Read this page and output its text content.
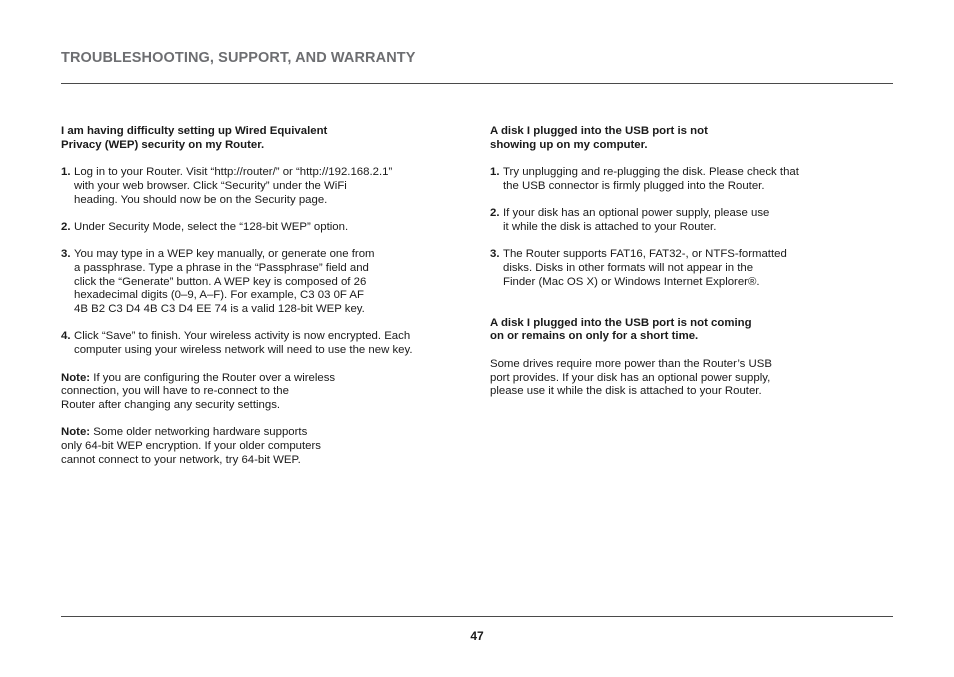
TROUBLESHOOTING, SUPPORT, AND WARRANTY
I am having difficulty setting up Wired Equivalent
Privacy (WEP) security on my Router.
1. Log in to your Router. Visit “http://router/” or “http://192.168.2.1”
with your web browser. Click “Security” under the WiFi
heading. You should now be on the Security page.
2. Under Security Mode, select the “128-bit WEP” option.
3. You may type in a WEP key manually, or generate one from
a passphrase. Type a phrase in the “Passphrase” field and
click the “Generate” button. A WEP key is composed of 26
hexadecimal digits (0–9, A–F). For example, C3 03 0F AF
4B B2 C3 D4 4B C3 D4 EE 74 is a valid 128-bit WEP key.
4. Click “Save” to finish. Your wireless activity is now encrypted. Each
computer using your wireless network will need to use the new key.
Note: If you are configuring the Router over a wireless
connection, you will have to re-connect to the
Router after changing any security settings.
Note: Some older networking hardware supports
only 64-bit WEP encryption. If your older computers
cannot connect to your network, try 64-bit WEP.
A disk I plugged into the USB port is not
showing up on my computer.
1. Try unplugging and re-plugging the disk. Please check that
the USB connector is firmly plugged into the Router.
2. If your disk has an optional power supply, please use
it while the disk is attached to your Router.
3. The Router supports FAT16, FAT32-, or NTFS-formatted
disks. Disks in other formats will not appear in the
Finder (Mac OS X) or Windows Internet Explorer®.
A disk I plugged into the USB port is not coming
on or remains on only for a short time.
Some drives require more power than the Router’s USB
port provides. If your disk has an optional power supply,
please use it while the disk is attached to your Router.
47
